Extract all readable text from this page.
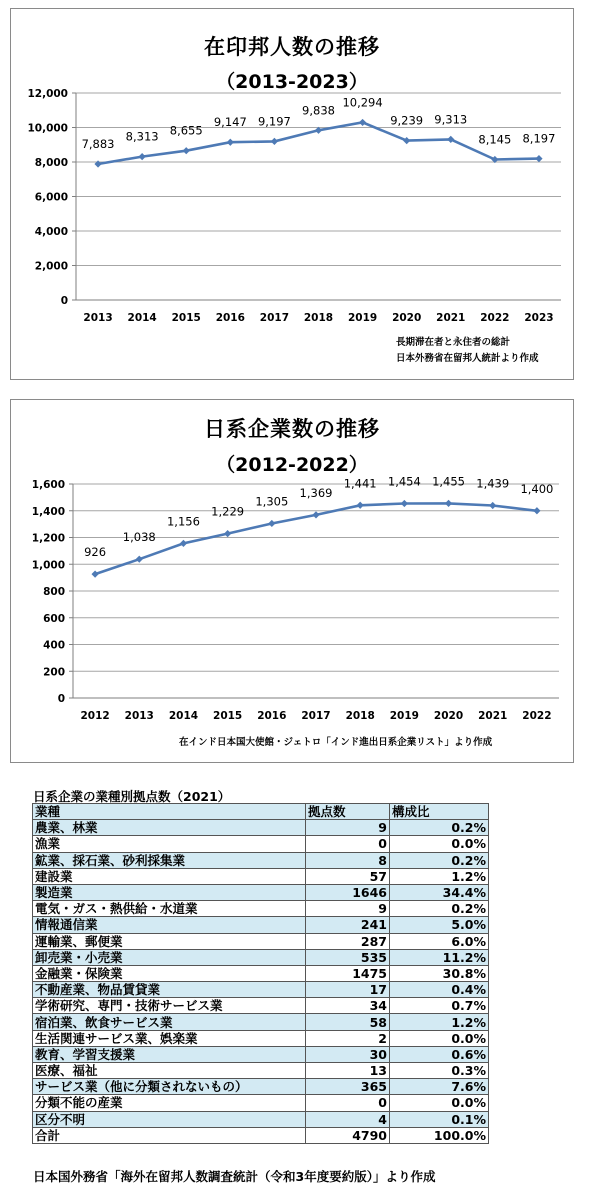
在印邦人数の推移
（2013-2023）
0
2,000
4,000
6,000
8,000
10,000
12,000
2013 2014 2015 2016 2017 2018 2019 2020 2021 2022 2023
7,883
8,313 8,655
9,147 9,197
9,838
10,294
9,239 9,313
8,145 8,197
長期滞在者と永住者の総計
日本外務省在留邦人統計より作成
日系企業数の推移
（2012-2022）
0
200
400
600
800
1,000
1,200
1,400
1,600
2012 2013 2014 2015 2016 2017 2018 2019 2020 2021 2022
926
1,038
1,156
1,229
1,305
1,369
1,441 1,454 1,455 1,439 1,400
在インド日本国大使館・ジェトロ「インド進出日系企業リスト」より作成
日系企業の業種別拠点数（2021）
業種	拠点数	構成比
農業、林業	9	0.2%
漁業	0	0.0%
鉱業、採石業、砂利採集業	8	0.2%
建設業	57	1.2%
製造業	1646	34.4%
電気・ガス・熱供給・水道業	9	0.2%
情報通信業	241	5.0%
運輸業、郵便業	287	6.0%
卸売業・小売業	535	11.2%
金融業・保険業	1475	30.8%
不動産業、物品賃貸業	17	0.4%
学術研究、専門・技術サービス業	34	0.7%
宿泊業、飲食サービス業	58	1.2%
生活関連サービス業、娯楽業	2	0.0%
教育、学習支援業	30	0.6%
医療、福祉	13	0.3%
サービス業（他に分類されないもの）	365	7.6%
分類不能の産業	0	0.0%
区分不明	4	0.1%
合計	4790	100.0%
日本国外務省「海外在留邦人数調査統計（令和3年度要約版）」より作成
